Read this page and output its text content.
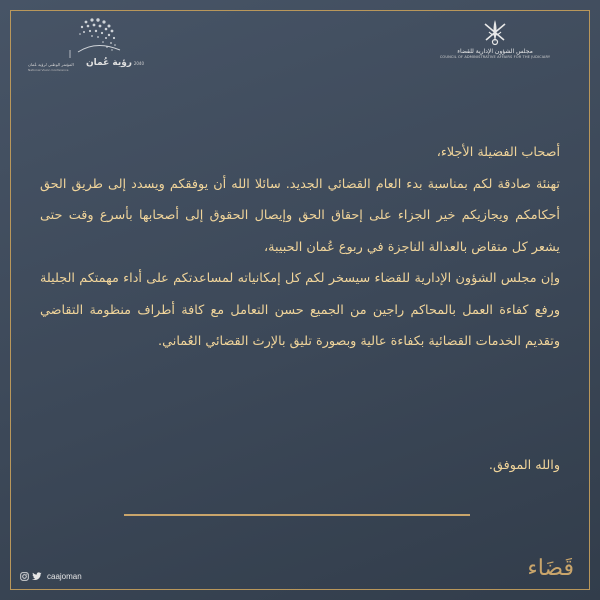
مجلس الشؤون الإدارية للقضاء
COUNCIL OF ADMINISTRATIVE AFFAIRS FOR THE JUDICIARY
رؤية عُمان 2040
المؤتمر الوطني لرؤية عُمان
National Vision Conference

أصحاب الفضيلة الأجلاء،

تهنئة صادقة لكم بمناسبة بدء العام القضائي الجديد. سائلا الله أن يوفقكم ويسدد إلى طريق الحق أحكامكم ويجازيكم خير الجزاء على إحقاق الحق وإيصال الحقوق إلى أصحابها بأسرع وقت حتى يشعر كل متقاض بالعدالة الناجزة في ربوع عُمان الحبيبة،

وإن مجلس الشؤون الإدارية للقضاء سيسخر لكم كل إمكانياته لمساعدتكم على أداء مهمتكم الجليلة ورفع كفاءة العمل بالمحاكم راجين من الجميع حسن التعامل مع كافة أطراف منظومة التقاضي وتقديم الخدمات القضائية بكفاءة عالية وبصورة تليق بالإرث القضائي العُماني.

والله الموفق.
caajoman	قَضَاء
